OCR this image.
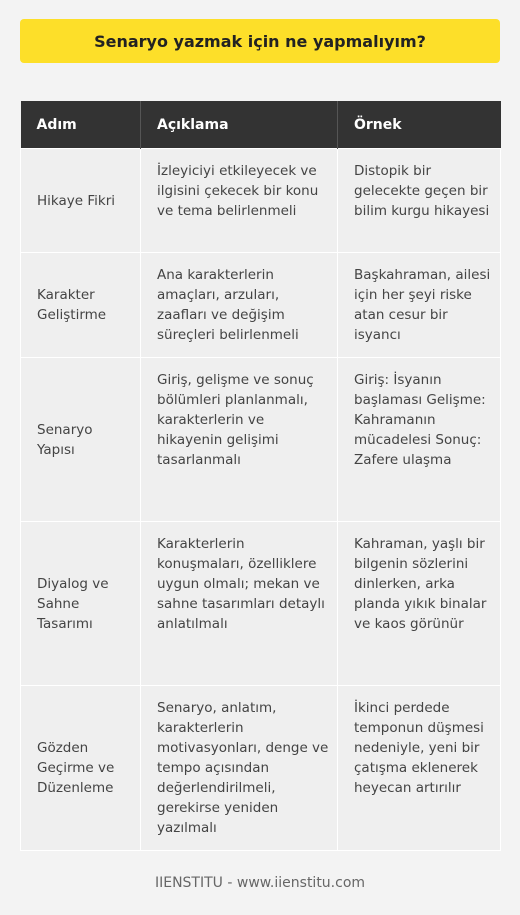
Senaryo yazmak için ne yapmalıyım?
Adım	Açıklama	Örnek
Hikaye Fikri	İzleyiciyi etkileyecek ve ilgisini çekecek bir konu ve tema belirlenmeli	Distopik bir gelecekte geçen bir bilim kurgu hikayesi
Karakter Geliştirme	Ana karakterlerin amaçları, arzuları, zaafları ve değişim süreçleri belirlenmeli	Başkahraman, ailesi için her şeyi riske atan cesur bir isyancı
Senaryo Yapısı	Giriş, gelişme ve sonuç bölümleri planlanmalı, karakterlerin ve hikayenin gelişimi tasarlanmalı	Giriş: İsyanın başlaması Gelişme: Kahramanın mücadelesi Sonuç: Zafere ulaşma
Diyalog ve Sahne Tasarımı	Karakterlerin konuşmaları, özelliklere uygun olmalı; mekan ve sahne tasarımları detaylı anlatılmalı	Kahraman, yaşlı bir bilgenin sözlerini dinlerken, arka planda yıkık binalar ve kaos görünür
Gözden Geçirme ve Düzenleme	Senaryo, anlatım, karakterlerin motivasyonları, denge ve tempo açısından değerlendirilmeli, gerekirse yeniden yazılmalı	İkinci perdede temponun düşmesi nedeniyle, yeni bir çatışma eklenerek heyecan artırılır
IIENSTITU - www.iienstitu.com
